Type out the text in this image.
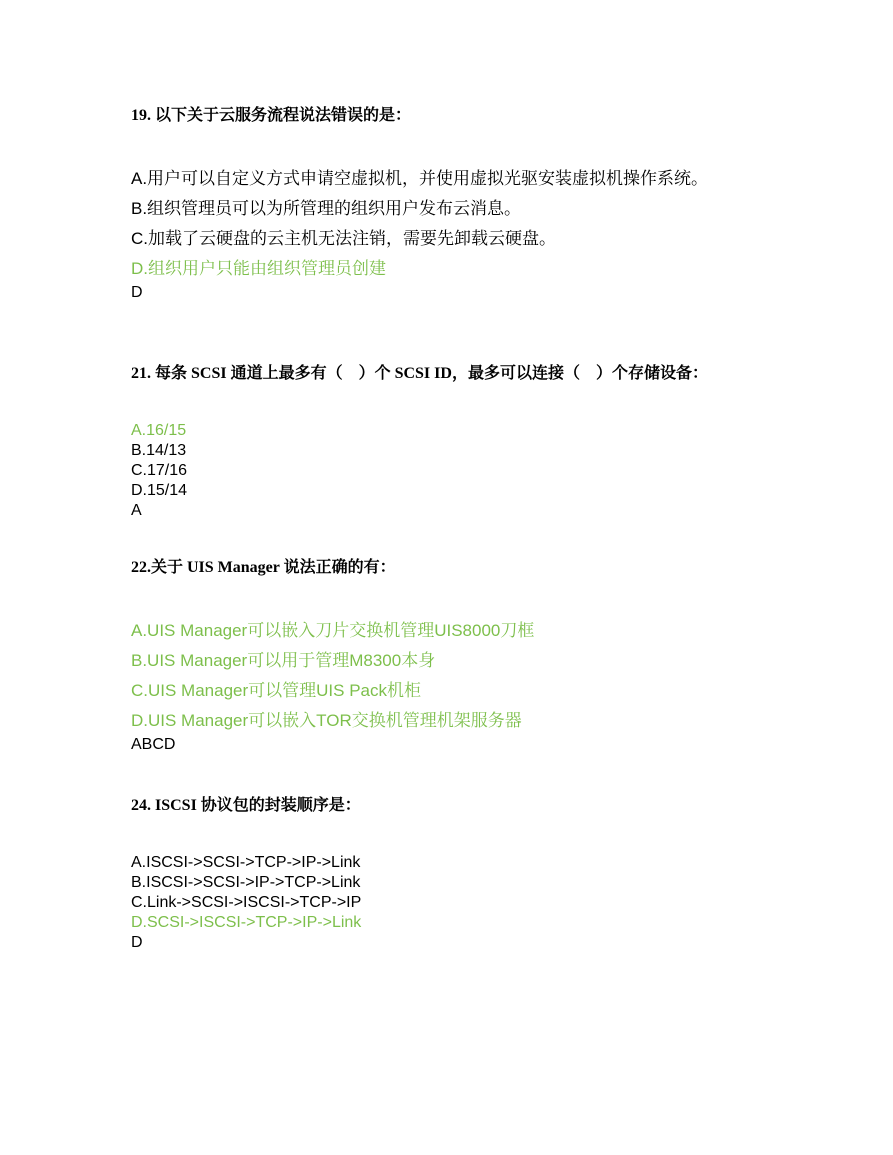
19. 以下关于云服务流程说法错误的是：
A.用户可以自定义方式申请空虚拟机，并使用虚拟光驱安装虚拟机操作系统。
B.组织管理员可以为所管理的组织用户发布云消息。
C.加载了云硬盘的云主机无法注销，需要先卸载云硬盘。
D.组织用户只能由组织管理员创建

D

21. 每条 SCSI 通道上最多有（　）个 SCSI ID，最多可以连接（　）个存储设备：
A.16/15
B.14/13
C.17/16
D.15/14

A

22.关于 UIS Manager 说法正确的有：
A.UIS Manager可以嵌入刀片交换机管理UIS8000刀框
B.UIS Manager可以用于管理M8300本身
C.UIS Manager可以管理UIS Pack机柜
D.UIS Manager可以嵌入TOR交换机管理机架服务器

ABCD

24. ISCSI 协议包的封装顺序是：
A.ISCSI->SCSI->TCP->IP->Link
B.ISCSI->SCSI->IP->TCP->Link
C.Link->SCSI->ISCSI->TCP->IP
D.SCSI->ISCSI->TCP->IP->Link

D
